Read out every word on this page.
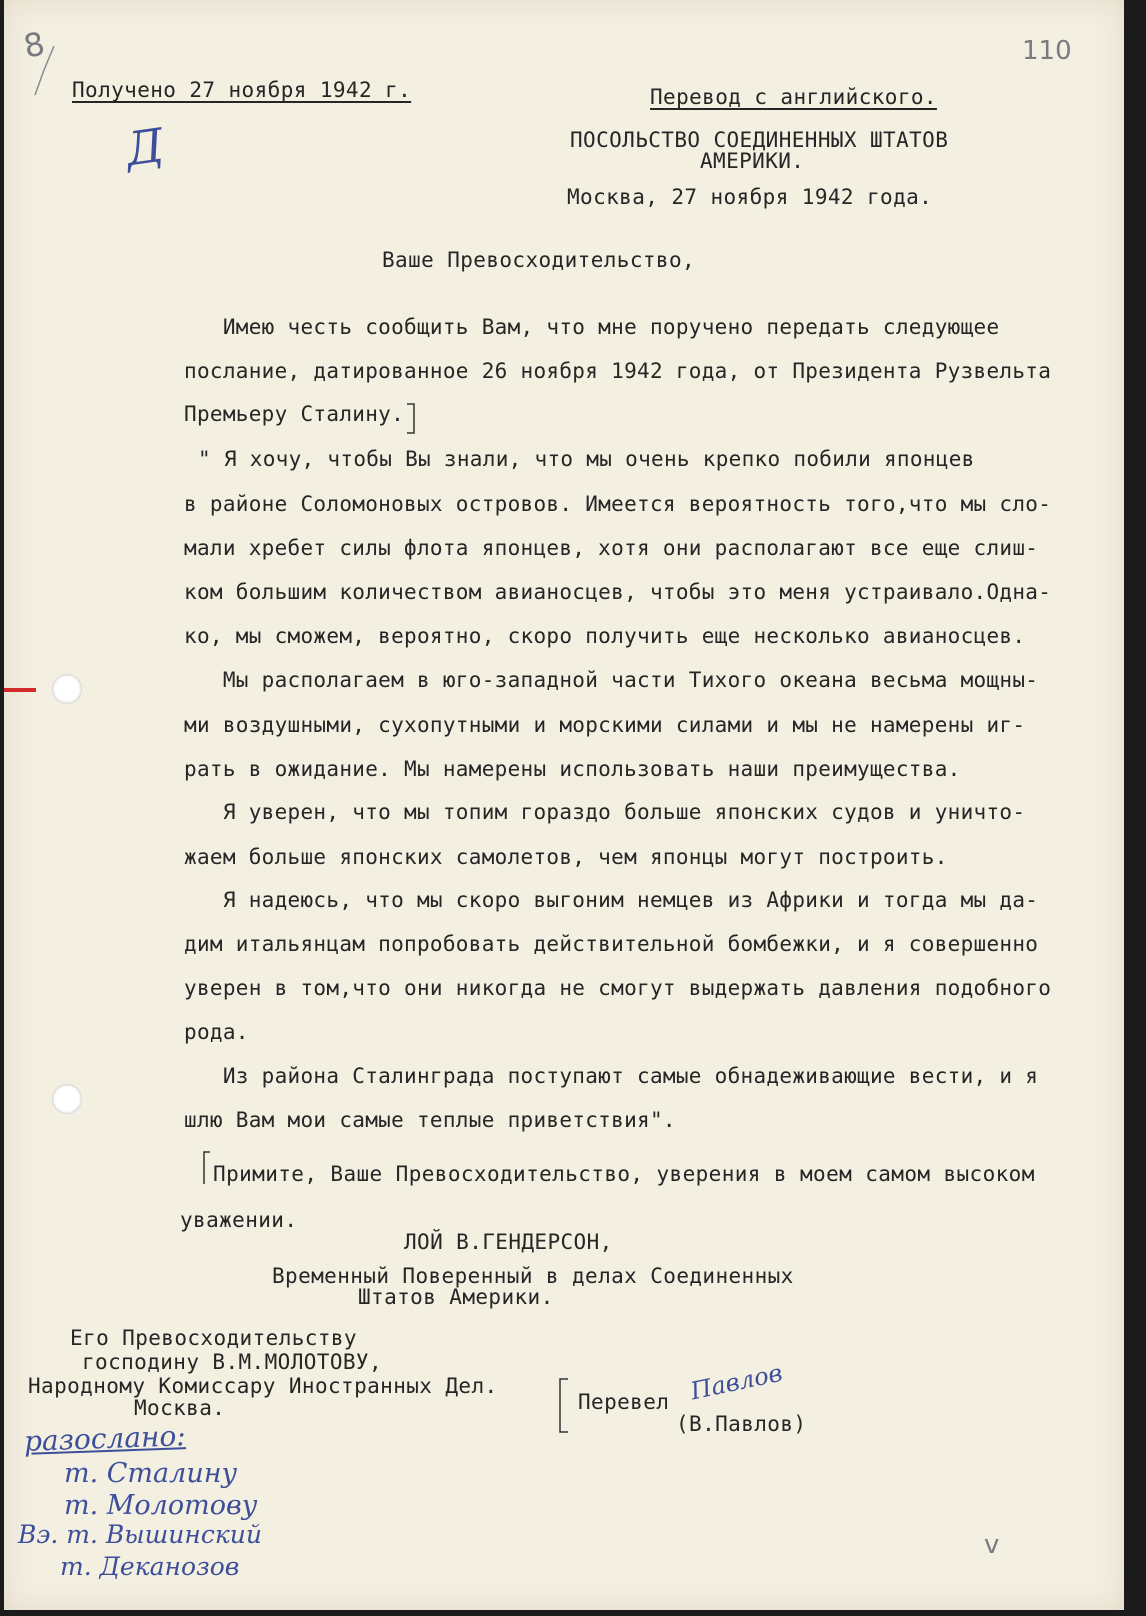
110
8
Получено 27 ноября 1942 г.	Перевод с английского.
ПОСОЛЬСТВО СОЕДИНЕННЫХ ШТАТОВ
АМЕРИКИ.
Москва, 27 ноября 1942 года.
Д
Ваше Превосходительство,
Имею честь сообщить Вам, что мне поручено передать следующее
послание, датированное 26 ноября 1942 года, от Президента Рузвельта
Премьеру Сталину.
" Я хочу, чтобы Вы знали, что мы очень крепко побили японцев
в районе Соломоновых островов. Имеется вероятность того,что мы сло-
мали хребет силы флота японцев, хотя они располагают все еще слиш-
ком большим количеством авианосцев, чтобы это меня устраивало.Однa-
ко, мы сможем, вероятно, скоро получить еще несколько авианосцев.
Мы располагаем в юго-западной части Тихого океана весьма мощны-
ми воздушными, сухопутными и морскими силами и мы не намерены иг-
рать в ожидание. Мы намерены использовать наши преимущества.
Я уверен, что мы топим гораздо больше японских судов и уничто-
жаем больше японских самолетов, чем японцы могут построить.
Я надеюсь, что мы скоро выгоним немцев из Африки и тогда мы да-
дим итальянцам попробовать действительной бомбежки, и я совершенно
уверен в том,что они никогда не смогут выдержать давления подобного
рода.
Из района Сталинграда поступают самые обнадеживающие вести, и я
шлю Вам мои самые теплые приветствия".
Примите, Ваше Превосходительство, уверения в моем самом высоком
уважении.
ЛОЙ В.ГЕНДЕРСОН,
Временный Поверенный в делах Соединенных
Штатов Америки.
Его Превосходительству
господину В.М.МОЛОТОВУ,
Народному Комиссару Иностранных Дел.
Москва.	Перевел
(В.Павлов)
Павлов
разослано:
т. Сталину
т. Молотову
Вэ. т. Вышинский
т. Деканозов
v
